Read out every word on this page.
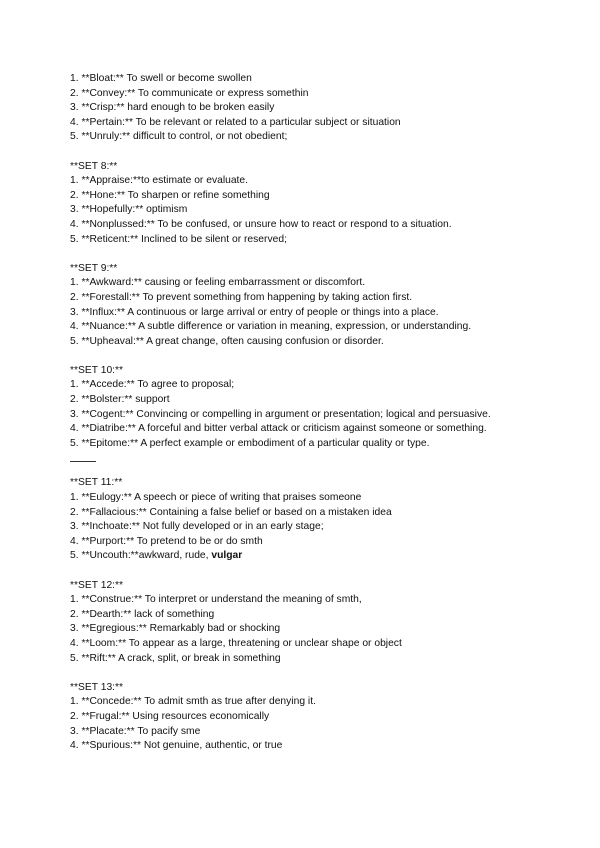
1. **Bloat:** To swell or become swollen
2. **Convey:** To communicate or express somethin
3. **Crisp:** hard enough to be broken easily
4. **Pertain:** To be relevant or related to a particular subject or situation
5. **Unruly:** difficult to control, or not obedient;
**SET 8:**
1. **Appraise:**to estimate or evaluate.
2. **Hone:** To sharpen or refine something
3. **Hopefully:** optimism
4. **Nonplussed:** To be confused, or unsure how to react or respond to a situation.
5. **Reticent:** Inclined to be silent or reserved;
**SET 9:**
1. **Awkward:** causing or feeling embarrassment or discomfort.
2. **Forestall:** To prevent something from happening by taking action first.
3. **Influx:** A continuous or large arrival or entry of people or things into a place.
4. **Nuance:** A subtle difference or variation in meaning, expression, or understanding.
5. **Upheaval:** A great change, often causing confusion or disorder.
**SET 10:**
1. **Accede:** To agree to proposal;
2. **Bolster:** support
3. **Cogent:** Convincing or compelling in argument or presentation; logical and persuasive.
4. **Diatribe:** A forceful and bitter verbal attack or criticism against someone or something.
5. **Epitome:** A perfect example or embodiment of a particular quality or type.
**SET 11:**
1. **Eulogy:** A speech or piece of writing that praises someone
2. **Fallacious:** Containing a false belief or based on a mistaken idea
3. **Inchoate:** Not fully developed or in an early stage;
4. **Purport:** To pretend to be or do smth
5. **Uncouth:**awkward, rude, vulgar
**SET 12:**
1. **Construe:** To interpret or understand the meaning of smth,
2. **Dearth:** lack of something
3. **Egregious:** Remarkably bad or shocking
4. **Loom:** To appear as a large, threatening or unclear shape or object
5. **Rift:** A crack, split, or break in something
**SET 13:**
1. **Concede:** To admit smth as true after denying it.
2. **Frugal:** Using resources economically
3. **Placate:** To pacify sme
4. **Spurious:** Not genuine, authentic, or true
